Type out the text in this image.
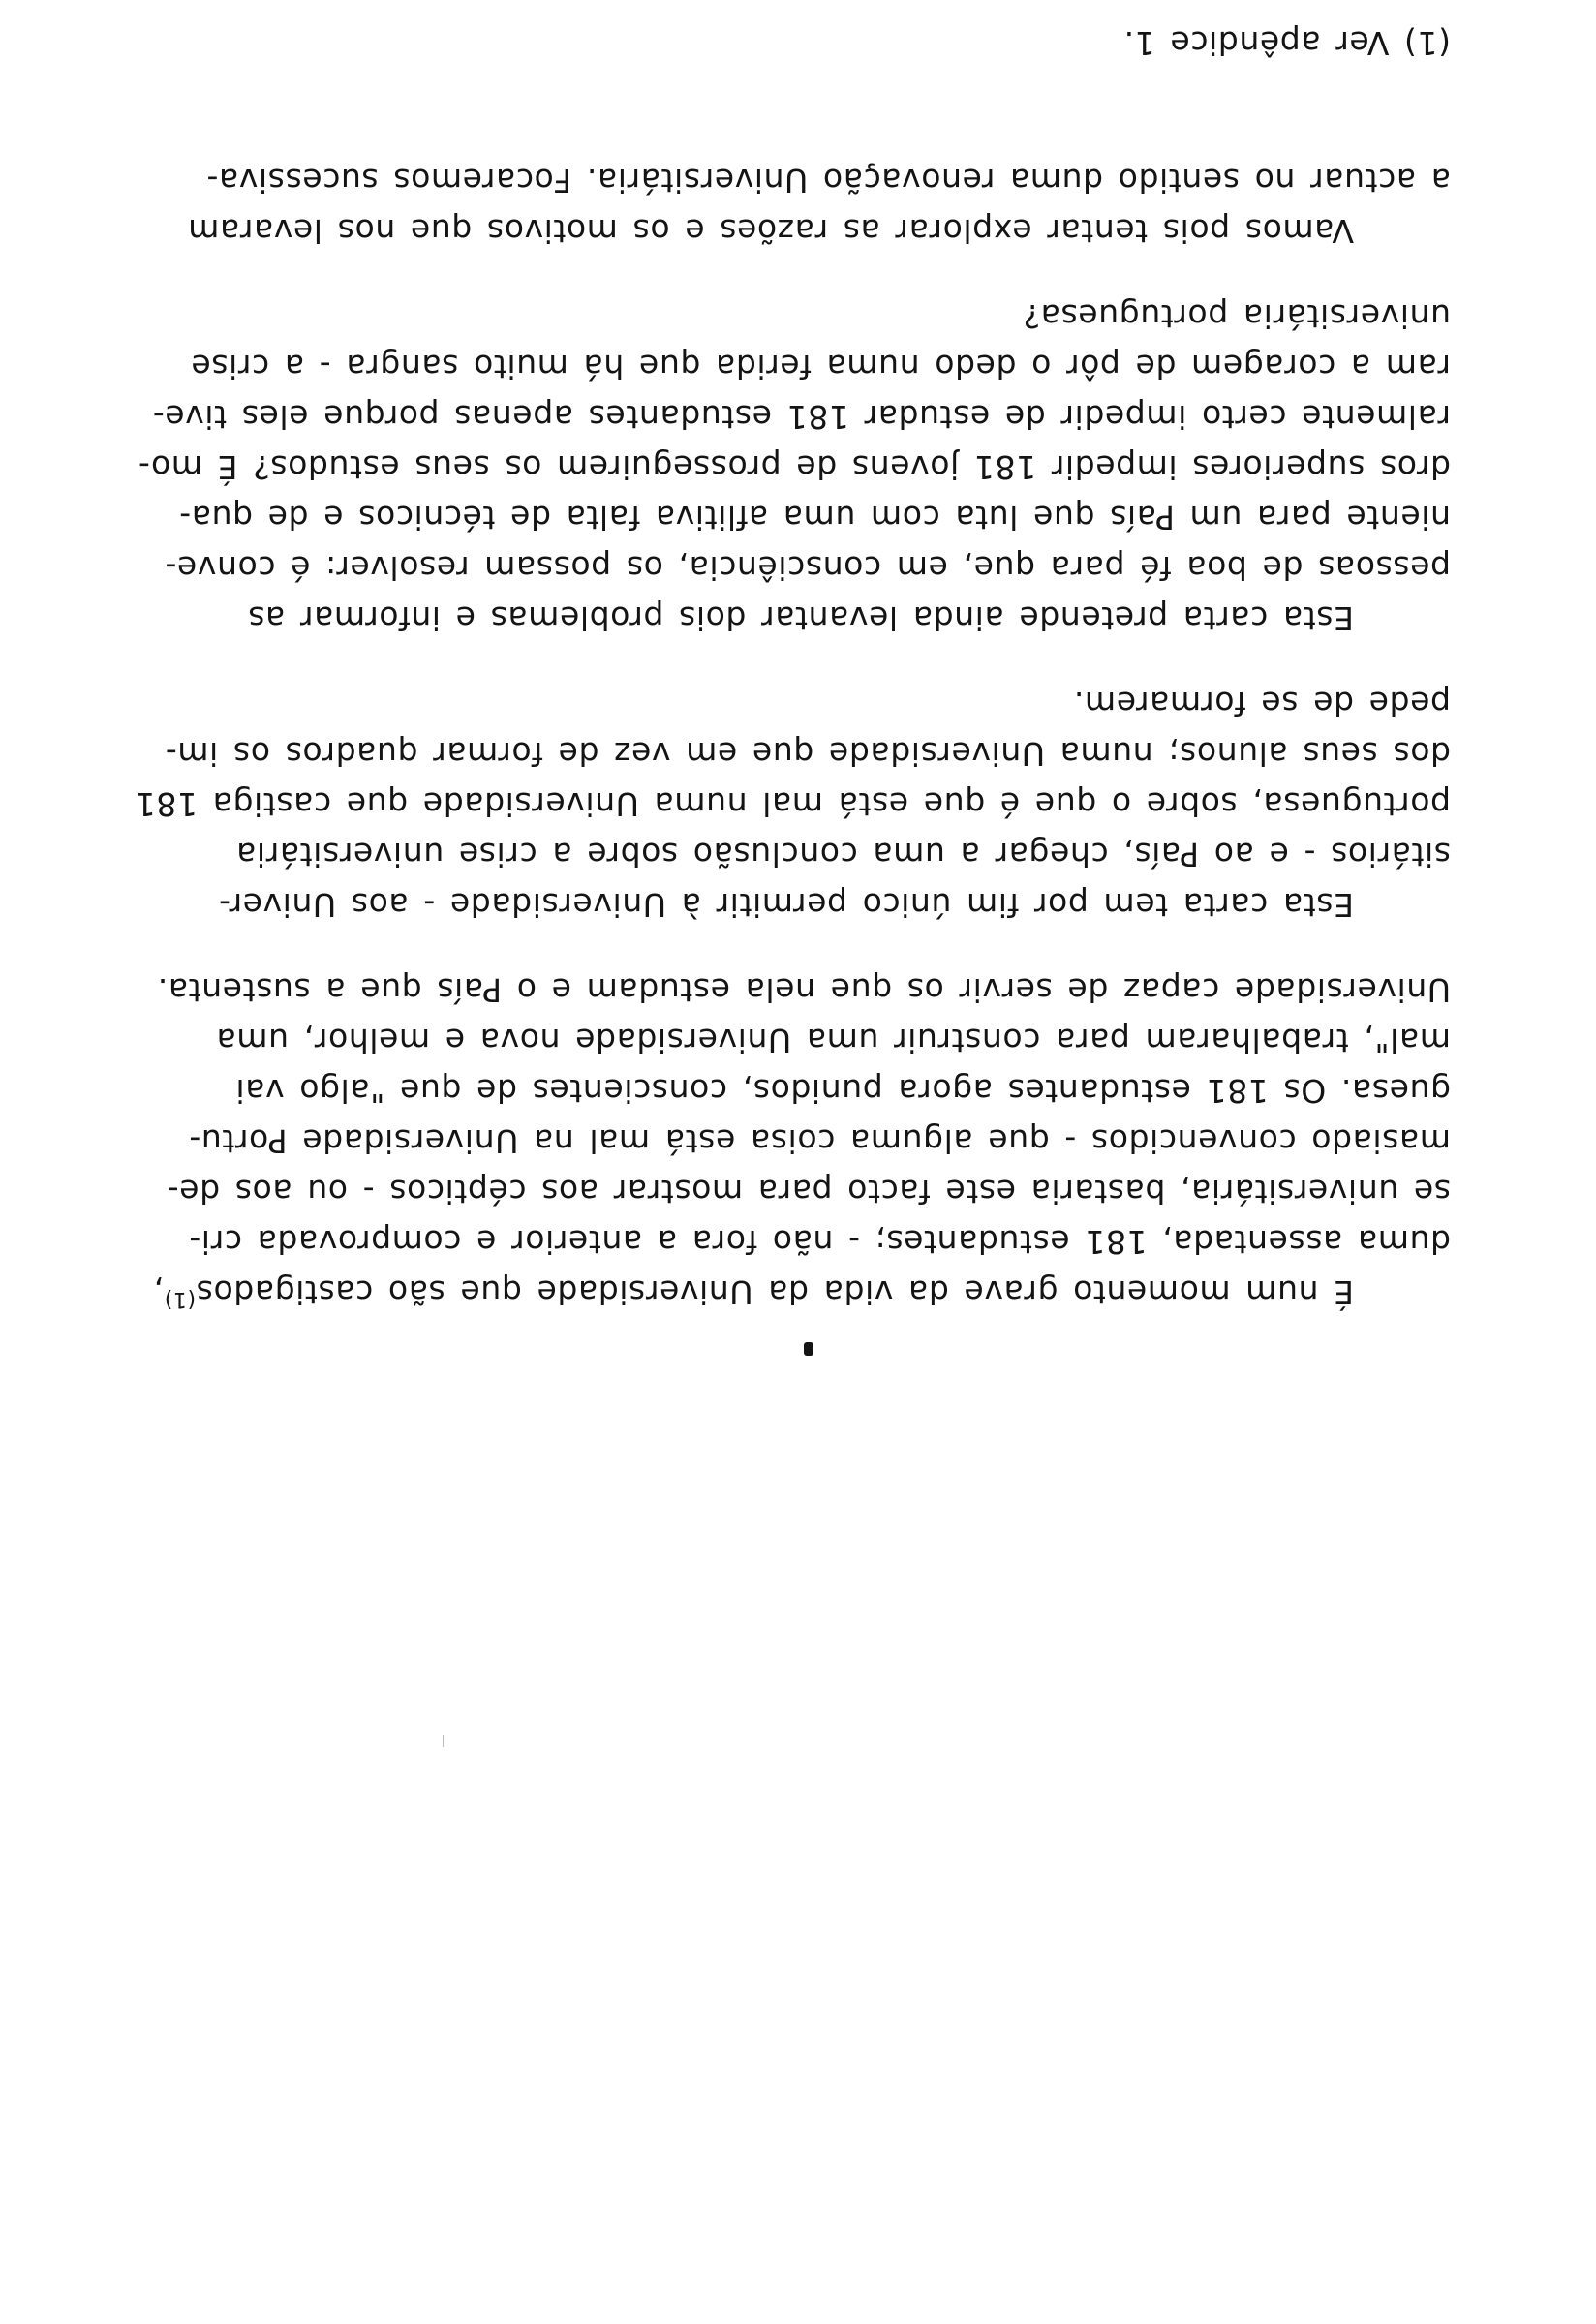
É num momento grave da vida da Universidade que são castigados$^{(1)}$,
duma assentada, 181 estudantes; - não fora a anterior e comprovada cri-
se universitária, bastaria este facto para mostrar aos cépticos - ou aos de-
masiado convencidos - que alguma coisa está mal na Universidade Portu-
guesa. Os 181 estudantes agora punidos, conscientes de que "algo vai
mal", trabalharam para construir uma Universidade nova e melhor, uma
Universidade capaz de servir os que nela estudam e o País que a sustenta.

Esta carta tem por fim único permitir à Universidade - aos Univer-
sitários - e ao País, chegar a uma conclusão sobre a crise universitária
portuguesa, sobre o que é que está mal numa Universidade que castiga 181
dos seus alunos; numa Universidade que em vez de formar quadros os im-
pede de se formarem.

Esta carta pretende ainda levantar dois problemas e informar as
pessoas de boa fé para que, em consciência, os possam resolver: é conve-
niente para um País que luta com uma aflitiva falta de técnicos e de qua-
dros superiores impedir 181 jovens de prosseguirem os seus estudos? É mo-
ralmente certo impedir de estudar 181 estudantes apenas porque eles tive-
ram a coragem de pôr o dedo numa ferida que há muito sangra - a crise
universitária portuguesa?

Vamos pois tentar explorar as razões e os motivos que nos levaram
a actuar no sentido duma renovação Universitária. Focaremos sucessiva-

(1) Ver apêndice 1.
